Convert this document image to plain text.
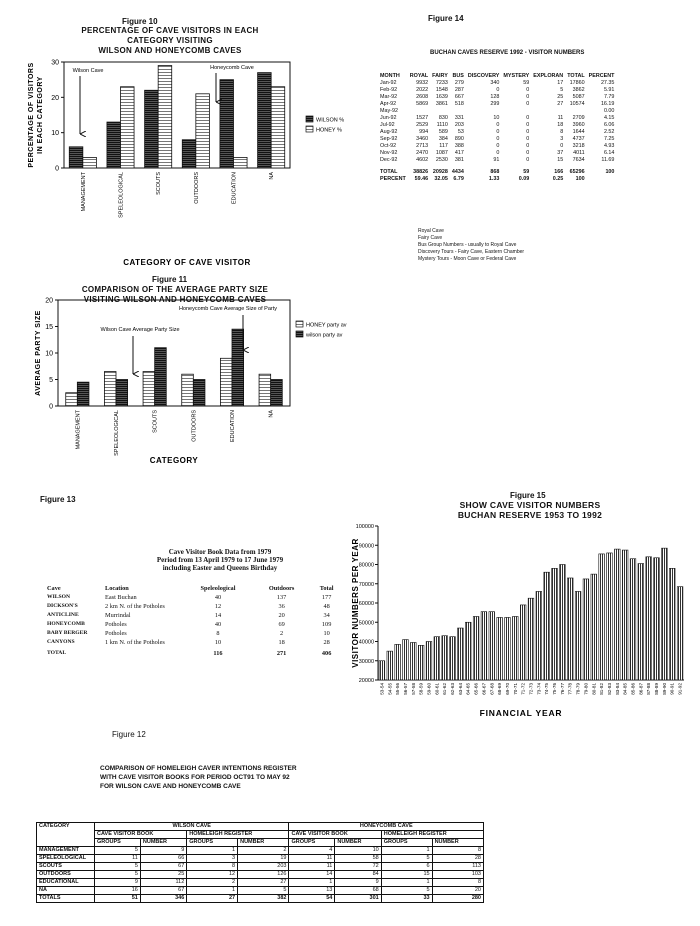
Figure 10
PERCENTAGE OF CAVE VISITORS IN EACH
CATEGORY VISITING
WILSON AND HONEYCOMB CAVES
0
10
20
30
PERCENTAGE OF VISITORS IN EACH CATEGORY
MANAGEMENT	SPELEOLOGICAL	SCOUTS	OUTDOORS	EDUCATION	NA
CATEGORY OF CAVE VISITOR
WILSON %
HONEY %
Wilson Cave	Honeycomb Cave
Figure 11
COMPARISON OF THE AVERAGE PARTY SIZE
VISITING WILSON AND HONEYCOMB CAVES
0
5
10
15
20
AVERAGE PARTY SIZE
MANAGEMENT	SPELEOLOGICAL	SCOUTS	OUTDOORS	EDUCATION	NA
CATEGORY
HONEY party av
wilson party av
Wilson Cave Average Party Size
Honeycomb Cave Average Size of Party
Figure 14
BUCHAN CAVES RESERVE 1992 - VISITOR NUMBERS
MONTH	ROYAL	FAIRY	BUS	DISCOVERY	MYSTERY	EXPLORAN	TOTAL	PERCENT
Jan-92	9932	7233	279	340	59	17	17860	27.35
Feb-92	2022	1548	287	0	0	5	3862	5.91
Mar-92	2608	1639	667	128	0	25	5087	7.79
Apr-92	5869	3861	518	299	0	27	10574	16.19
May-92								0.00
Jun-92	1527	830	331	10	0	11	2709	4.15
Jul-92	2529	1110	203	0	0	18	3960	6.06
Aug-92	994	589	53	0	0	8	1644	2.52
Sep-92	3460	384	890	0	0	3	4737	7.25
Oct-92	2713	117	388	0	0	0	3218	4.93
Nov-92	2470	1087	417	0	0	37	4011	6.14
Dec-92	4602	2530	381	91	0	15	7634	11.69

TOTAL	38826	20928	4434	868	59	166	65296	100
PERCENT	59.46	32.05	6.79	1.33	0.09	0.25	100	
Royal Cave
Fairy Cave
Bus Group Numbers - usually to Royal Cave
Discovery Tours - Fairy Cave, Eastern Chamber
Mystery Tours - Moon Cave or Federal Cave
Figure 13
Cave Visitor Book Data from 1979
Period from 13 April 1979 to 17 June 1979
including Easter and Queens Birthday
Cave	Location	Speleological	Outdoors	Total
WILSON	East Buchan	40	137	177
DICKSON'S	2 km N. of the Potholes	12	36	48
ANTICLINE	Murrindal	14	20	34
HONEYCOMB	Potholes	40	69	109
BABY BERGER	Potholes	8	2	10
CANYONS	1 km N. of the Potholes	10	18	28
TOTAL		116	271	406
Figure 15
SHOW CAVE VISITOR NUMBERS
BUCHAN RESERVE 1953 TO 1992
20000
30000
40000
50000
60000
70000
80000
90000
100000
VISITOR NUMBERS PER YEAR
53-54 54-55 55-56 56-57 57-58 58-59 59-60 60-61 61-62 62-63 63-64 64-65 65-66 66-67 67-68 68-69 69-70 70-71 71-72 72-73 73-74 74-75 75-76 76-77 77-78 78-79 79-80 80-81 81-82 82-83 83-84 84-85 85-86 86-87 87-88 88-89 89-90 90-91 91-92
FINANCIAL YEAR
Figure 12
COMPARISON OF HOMELEIGH CAVER INTENTIONS REGISTER
WITH CAVE VISITOR BOOKS FOR PERIOD OCT91 TO MAY 92
FOR WILSON CAVE AND HONEYCOMB CAVE
CATEGORY	WILSON CAVE				HONEYCOMB CAVE			
	CAVE VISITOR BOOK		HOMELEIGH REGISTER		CAVE VISITOR BOOK		HOMELEIGH REGISTER	
	GROUPS	NUMBER	GROUPS	NUMBER	GROUPS	NUMBER	GROUPS	NUMBER
MANAGEMENT	5	9	1	2	4	10	1	8
SPELEOLOGICAL	11	66	3	19	11	58	5	28
SCOUTS	5	67	8	203	11	72	6	113
OUTDOORS	5	25	12	126	14	84	15	103
EDUCATIONAL	9	112	2	27	1	9	1	8
NA	16	67	1	5	13	68	5	20
TOTALS	51	346	27	382	54	301	33	280
